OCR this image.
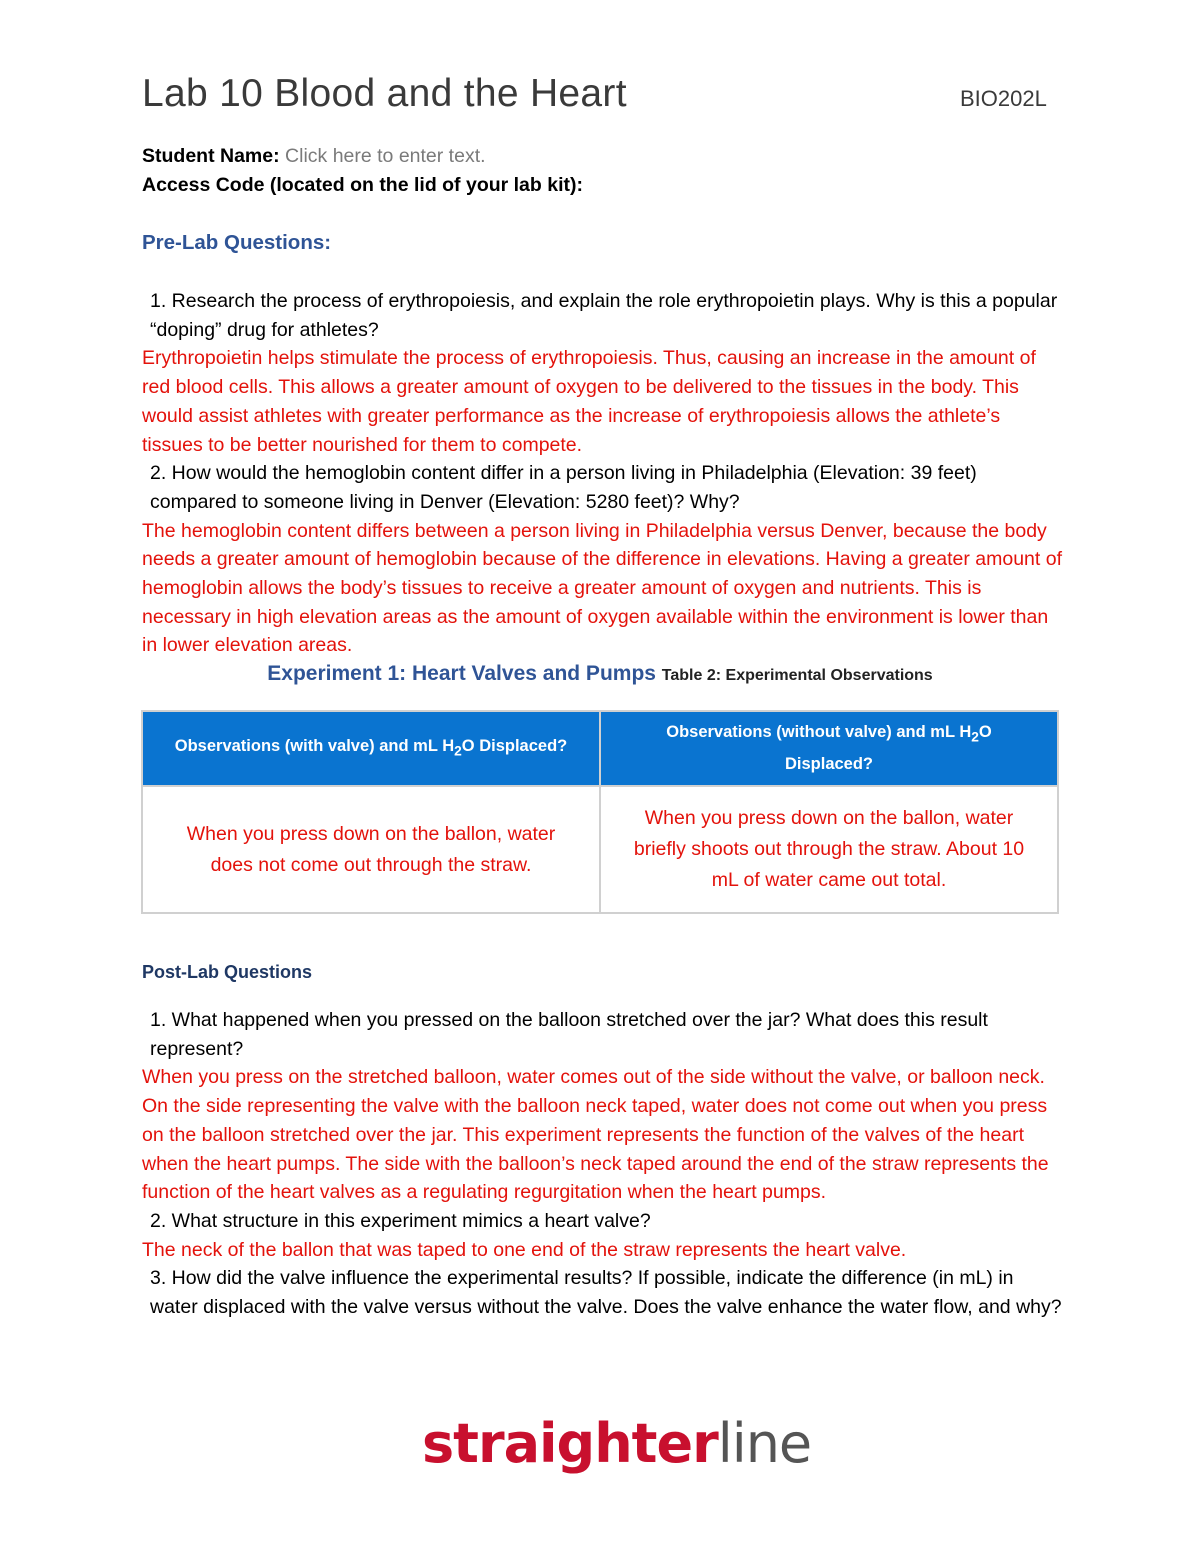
Lab 10 Blood and the Heart	BIO202L
Student Name: Click here to enter text.
Access Code (located on the lid of your lab kit):
Pre-Lab Questions:
1. Research the process of erythropoiesis, and explain the role erythropoietin plays. Why is this a popular “doping” drug for athletes?
Erythropoietin helps stimulate the process of erythropoiesis. Thus, causing an increase in the amount of red blood cells. This allows a greater amount of oxygen to be delivered to the tissues in the body. This would assist athletes with greater performance as the increase of erythropoiesis allows the athlete’s tissues to be better nourished for them to compete.
2. How would the hemoglobin content differ in a person living in Philadelphia (Elevation: 39 feet) compared to someone living in Denver (Elevation: 5280 feet)? Why?
The hemoglobin content differs between a person living in Philadelphia versus Denver, because the body needs a greater amount of hemoglobin because of the difference in elevations. Having a greater amount of hemoglobin allows the body’s tissues to receive a greater amount of oxygen and nutrients. This is necessary in high elevation areas as the amount of oxygen available within the environment is lower than in lower elevation areas.
Experiment 1: Heart Valves and Pumps Table 2: Experimental Observations
Observations (with valve) and mL $H_2O$ Displaced?	Observations (without valve) and mL $H_2O$ Displaced?
When you press down on the ballon, water does not come out through the straw.	When you press down on the ballon, water briefly shoots out through the straw. About 10 mL of water came out total.
Post-Lab Questions
1. What happened when you pressed on the balloon stretched over the jar? What does this result represent?
When you press on the stretched balloon, water comes out of the side without the valve, or balloon neck. On the side representing the valve with the balloon neck taped, water does not come out when you press on the balloon stretched over the jar. This experiment represents the function of the valves of the heart when the heart pumps. The side with the balloon’s neck taped around the end of the straw represents the function of the heart valves as a regulating regurgitation when the heart pumps.
2. What structure in this experiment mimics a heart valve?
The neck of the ballon that was taped to one end of the straw represents the heart valve.
3. How did the valve influence the experimental results? If possible, indicate the difference (in mL) in water displaced with the valve versus without the valve. Does the valve enhance the water flow, and why?
straighterline
